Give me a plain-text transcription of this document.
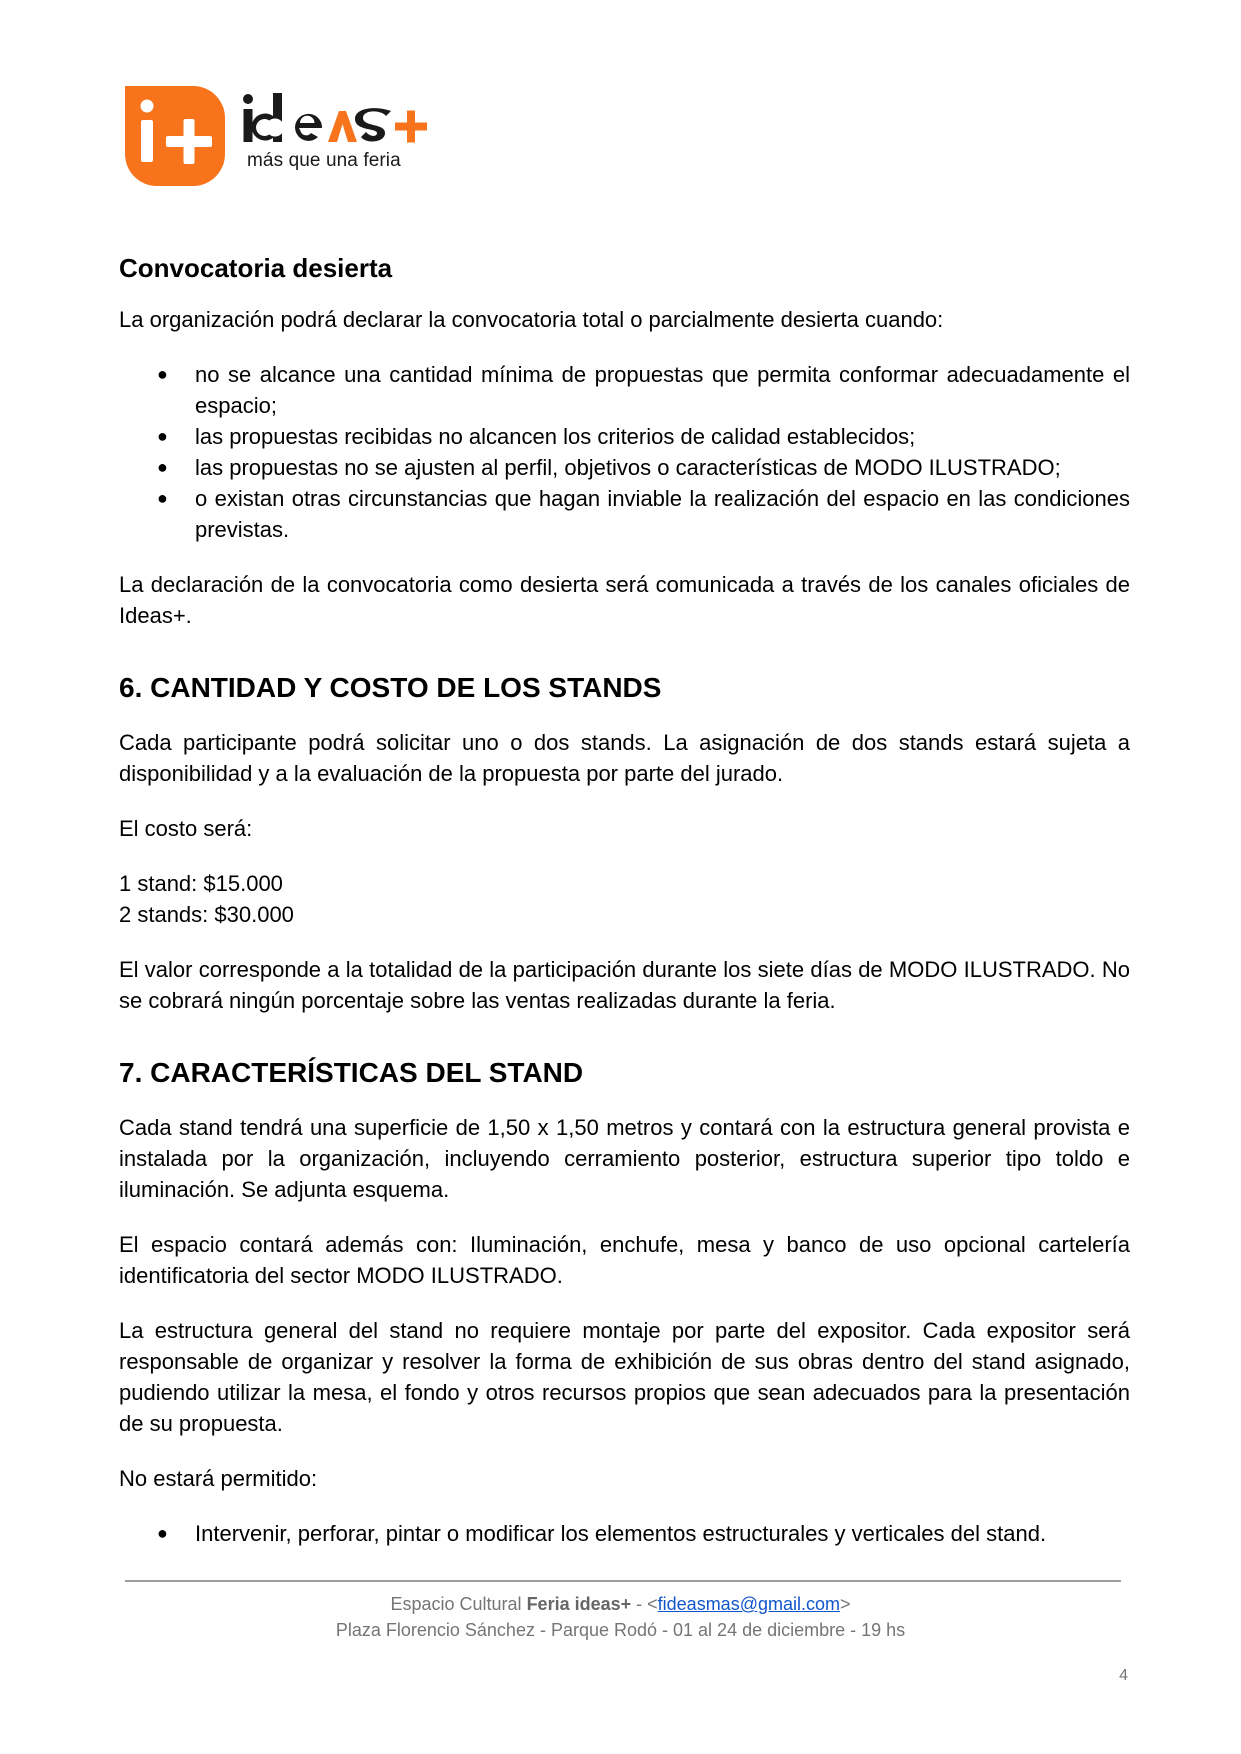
más que una feria
Convocatoria desierta

La organización podrá declarar la convocatoria total o parcialmente desierta cuando:

● no se alcance una cantidad mínima de propuestas que permita conformar adecuadamente el espacio;
● las propuestas recibidas no alcancen los criterios de calidad establecidos;
● las propuestas no se ajusten al perfil, objetivos o características de MODO ILUSTRADO;
● o existan otras circunstancias que hagan inviable la realización del espacio en las condiciones previstas.

La declaración de la convocatoria como desierta será comunicada a través de los canales oficiales de Ideas+.

6. CANTIDAD Y COSTO DE LOS STANDS

Cada participante podrá solicitar uno o dos stands. La asignación de dos stands estará sujeta a disponibilidad y a la evaluación de la propuesta por parte del jurado.

El costo será:

1 stand: $15.000

2 stands: $30.000

El valor corresponde a la totalidad de la participación durante los siete días de MODO ILUSTRADO. No se cobrará ningún porcentaje sobre las ventas realizadas durante la feria.

7. CARACTERÍSTICAS DEL STAND

Cada stand tendrá una superficie de 1,50 x 1,50 metros y contará con la estructura general provista e instalada por la organización, incluyendo cerramiento posterior, estructura superior tipo toldo e iluminación. Se adjunta esquema.

El espacio contará además con: Iluminación, enchufe, mesa y banco de uso opcional cartelería identificatoria del sector MODO ILUSTRADO.

La estructura general del stand no requiere montaje por parte del expositor. Cada expositor será responsable de organizar y resolver la forma de exhibición de sus obras dentro del stand asignado, pudiendo utilizar la mesa, el fondo y otros recursos propios que sean adecuados para la presentación de su propuesta.

No estará permitido:

● Intervenir, perforar, pintar o modificar los elementos estructurales y verticales del stand.
Espacio Cultural Feria ideas+ - <fideasmas@gmail.com>
Plaza Florencio Sánchez - Parque Rodó - 01 al 24 de diciembre - 19 hs
4
